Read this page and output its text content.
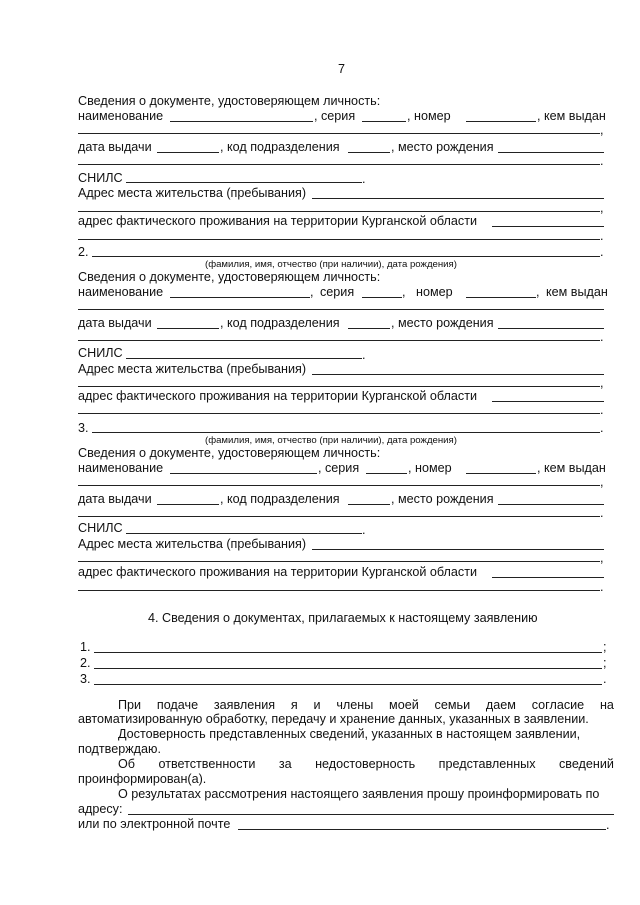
7
Сведения о документе, удостоверяющем личность:
наименование	, серия	, номер	, кем выдан
,
дата выдачи	, код подразделения	, место рождения
.
СНИЛС	.
Адрес места жительства (пребывания)
,
адрес фактического проживания на территории Курганской области
.
2.	.
(фамилия, имя, отчество (при наличии), дата рождения)
Сведения о документе, удостоверяющем личность:
наименование	, серия	, номер	, кем выдан
дата выдачи	, код подразделения	, место рождения
.
СНИЛС	.
Адрес места жительства (пребывания)
,
адрес фактического проживания на территории Курганской области
.
3.	.
(фамилия, имя, отчество (при наличии), дата рождения)
Сведения о документе, удостоверяющем личность:
наименование	, серия	, номер	, кем выдан
,
дата выдачи	, код подразделения	, место рождения
.
СНИЛС	.
Адрес места жительства (пребывания)
,
адрес фактического проживания на территории Курганской области
.
4. Сведения о документах, прилагаемых к настоящему заявлению
1.	;
2.	;
3.	.
При подаче заявления я и члены моей семьи даем согласие на
автоматизированную обработку, передачу и хранение данных, указанных в заявлении.
Достоверность представленных сведений, указанных в настоящем заявлении,
подтверждаю.
Об ответственности за недостоверность представленных сведений
проинформирован(а).
О результатах рассмотрения настоящего заявления прошу проинформировать по
адресу:
или по электронной почте	.
